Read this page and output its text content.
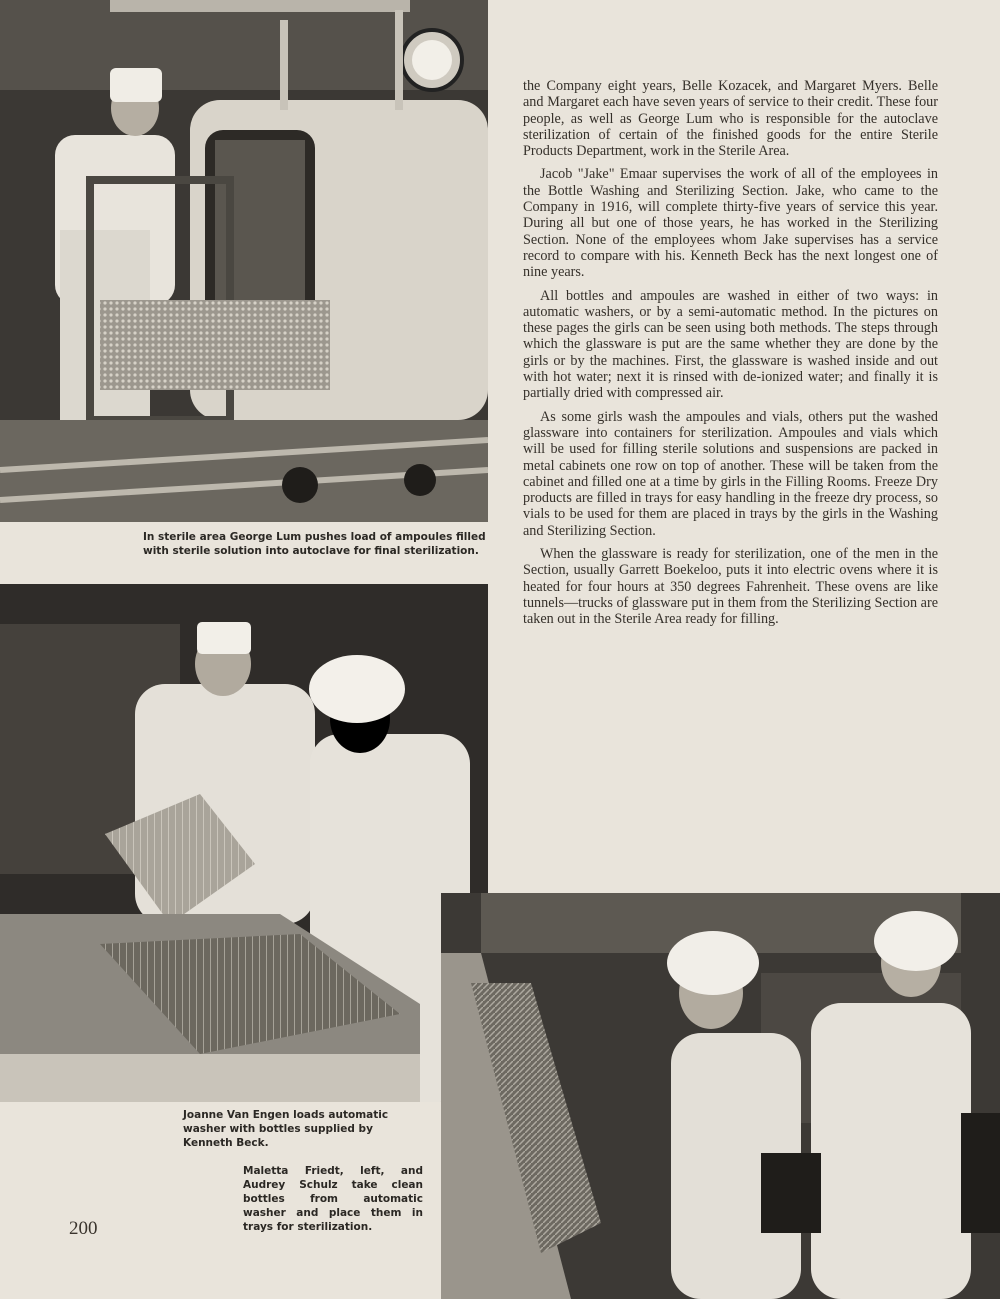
In sterile area George Lum pushes load of ampoules filled with sterile solution into autoclave for final sterilization.
Joanne Van Engen loads automatic washer with bottles supplied by Kenneth Beck.
Maletta Friedt, left, and Audrey Schulz take clean bottles from automatic washer and place them in trays for sterilization.

the Company eight years, Belle Kozacek, and Margaret Myers. Belle and Margaret each have seven years of service to their credit. These four people, as well as George Lum who is responsible for the autoclave sterilization of certain of the finished goods for the entire Sterile Products Department, work in the Sterile Area.

Jacob "Jake" Emaar supervises the work of all of the employees in the Bottle Washing and Sterilizing Section. Jake, who came to the Company in 1916, will complete thirty-five years of service this year. During all but one of those years, he has worked in the Sterilizing Section. None of the employees whom Jake supervises has a service record to compare with his. Kenneth Beck has the next longest one of nine years.

All bottles and ampoules are washed in either of two ways: in automatic washers, or by a semi-automatic method. In the pictures on these pages the girls can be seen using both methods. The steps through which the glassware is put are the same whether they are done by the girls or by the machines. First, the glassware is washed inside and out with hot water; next it is rinsed with de-ionized water; and finally it is partially dried with compressed air.

As some girls wash the ampoules and vials, others put the washed glassware into containers for sterilization. Ampoules and vials which will be used for filling sterile solutions and suspensions are packed in metal cabinets one row on top of another. These will be taken from the cabinet and filled one at a time by girls in the Filling Rooms. Freeze Dry products are filled in trays for easy handling in the freeze dry process, so vials to be used for them are placed in trays by the girls in the Washing and Sterilizing Section.

When the glassware is ready for sterilization, one of the men in the Section, usually Garrett Boekeloo, puts it into electric ovens where it is heated for four hours at 350 degrees Fahrenheit. These ovens are like tunnels—trucks of glassware put in them from the Sterilizing Section are taken out in the Sterile Area ready for filling.

200
